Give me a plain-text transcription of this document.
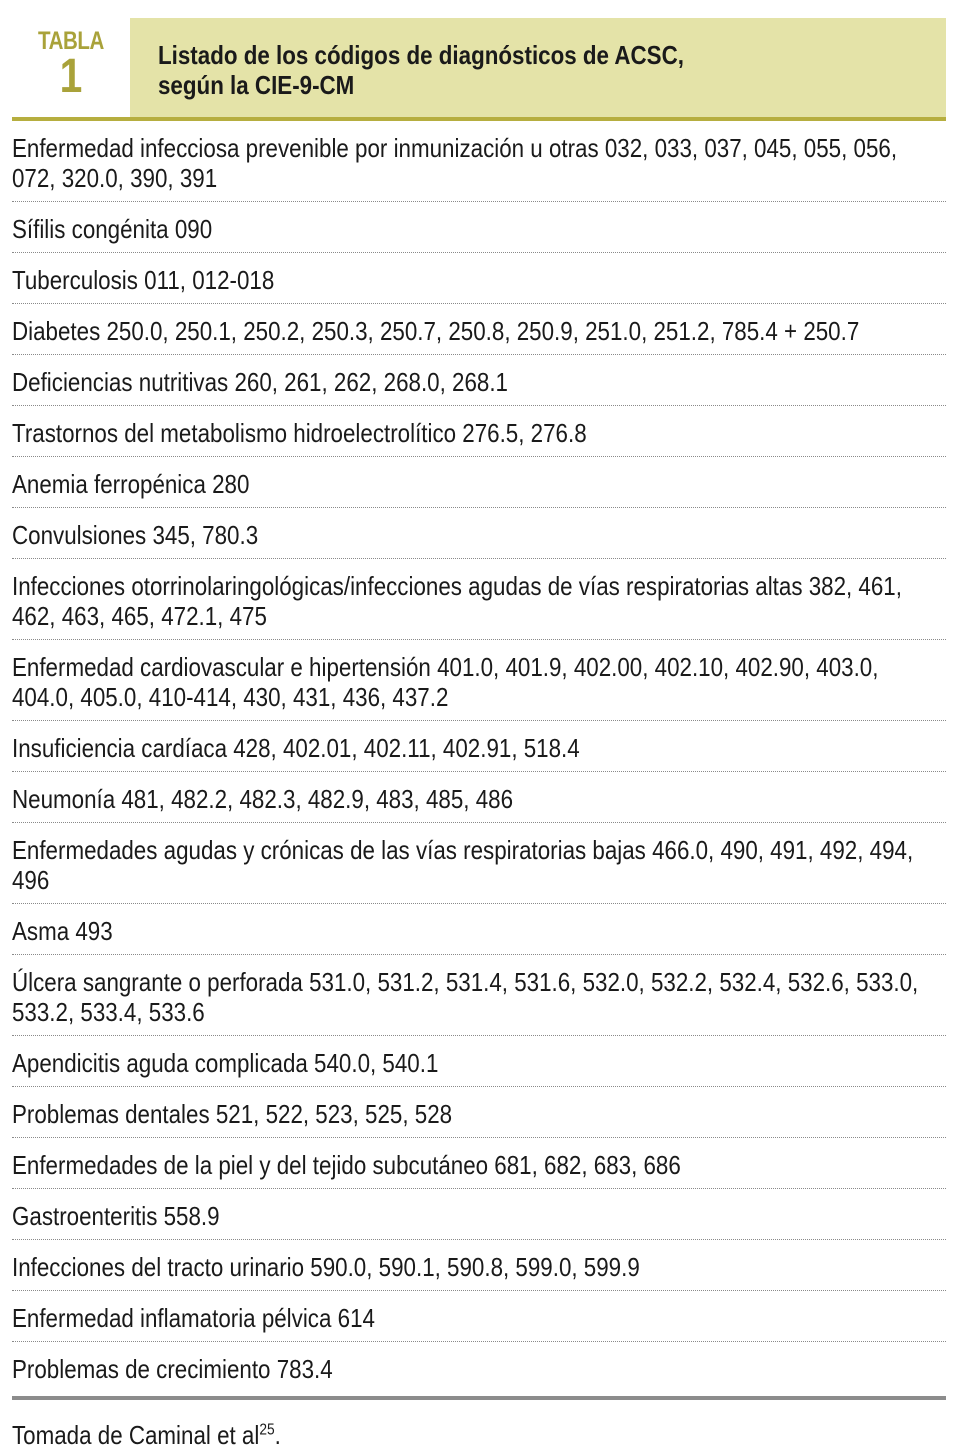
TABLA
1	Listado de los códigos de diagnósticos de ACSC,
según la CIE-9-CM
Enfermedad infecciosa prevenible por inmunización u otras 032, 033, 037, 045, 055, 056, 072, 320.0, 390, 391
Sífilis congénita 090
Tuberculosis 011, 012-018
Diabetes 250.0, 250.1, 250.2, 250.3, 250.7, 250.8, 250.9, 251.0, 251.2, 785.4 + 250.7
Deficiencias nutritivas 260, 261, 262, 268.0, 268.1
Trastornos del metabolismo hidroelectrolítico 276.5, 276.8
Anemia ferropénica 280
Convulsiones 345, 780.3
Infecciones otorrinolaringológicas/infecciones agudas de vías respiratorias altas 382, 461, 462, 463, 465, 472.1, 475
Enfermedad cardiovascular e hipertensión 401.0, 401.9, 402.00, 402.10, 402.90, 403.0, 404.0, 405.0, 410-414, 430, 431, 436, 437.2
Insuficiencia cardíaca 428, 402.01, 402.11, 402.91, 518.4
Neumonía 481, 482.2, 482.3, 482.9, 483, 485, 486
Enfermedades agudas y crónicas de las vías respiratorias bajas 466.0, 490, 491, 492, 494, 496
Asma 493
Úlcera sangrante o perforada 531.0, 531.2, 531.4, 531.6, 532.0, 532.2, 532.4, 532.6, 533.0, 533.2, 533.4, 533.6
Apendicitis aguda complicada 540.0, 540.1
Problemas dentales 521, 522, 523, 525, 528
Enfermedades de la piel y del tejido subcutáneo 681, 682, 683, 686
Gastroenteritis 558.9
Infecciones del tracto urinario 590.0, 590.1, 590.8, 599.0, 599.9
Enfermedad inflamatoria pélvica 614
Problemas de crecimiento 783.4
Tomada de Caminal et $al^{25}$.
